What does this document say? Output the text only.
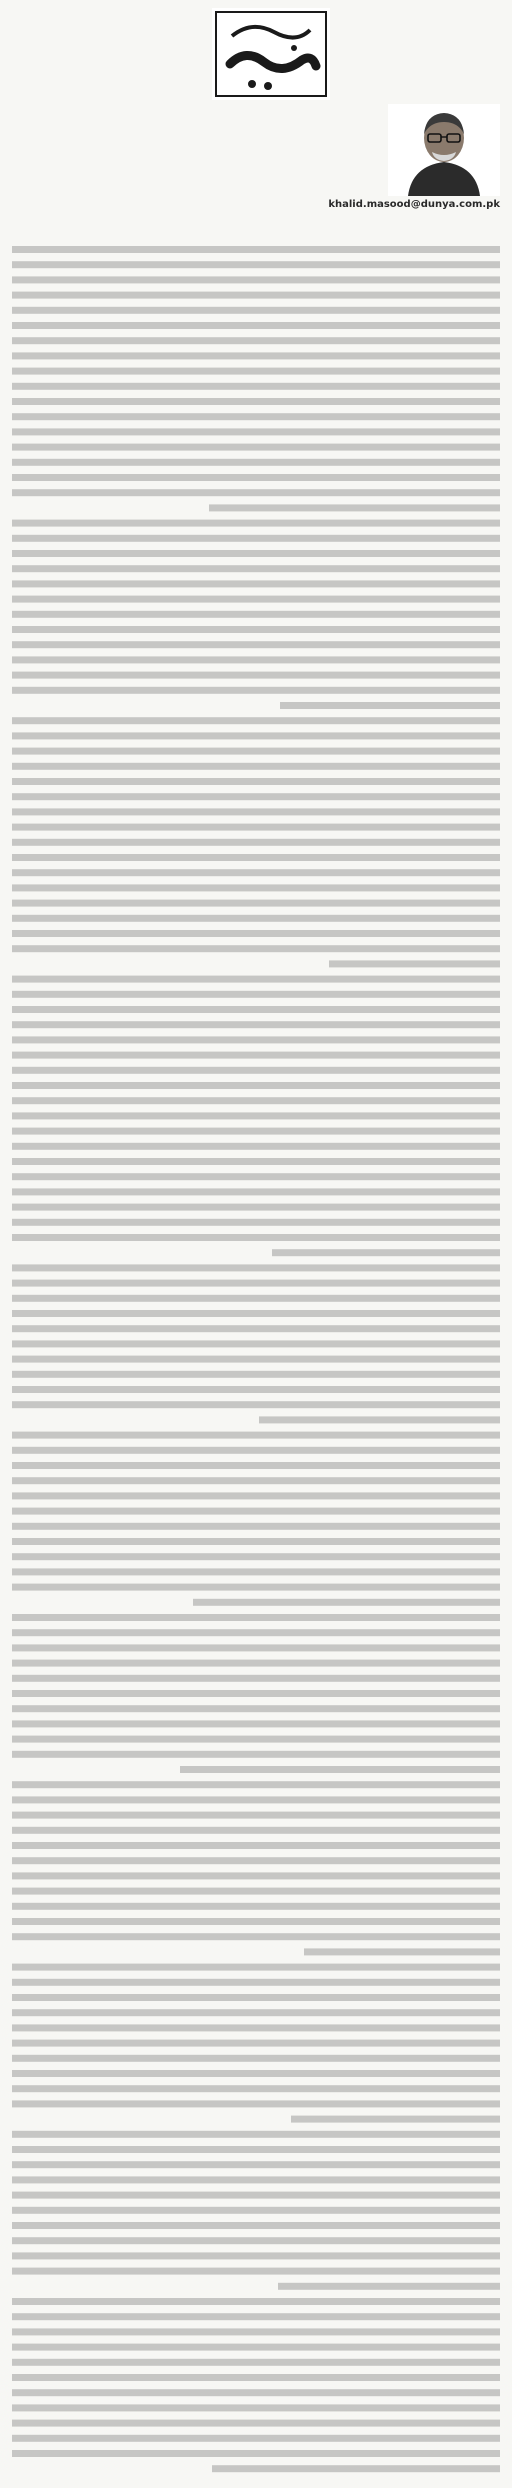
khalid.masood@dunya.com.pk
